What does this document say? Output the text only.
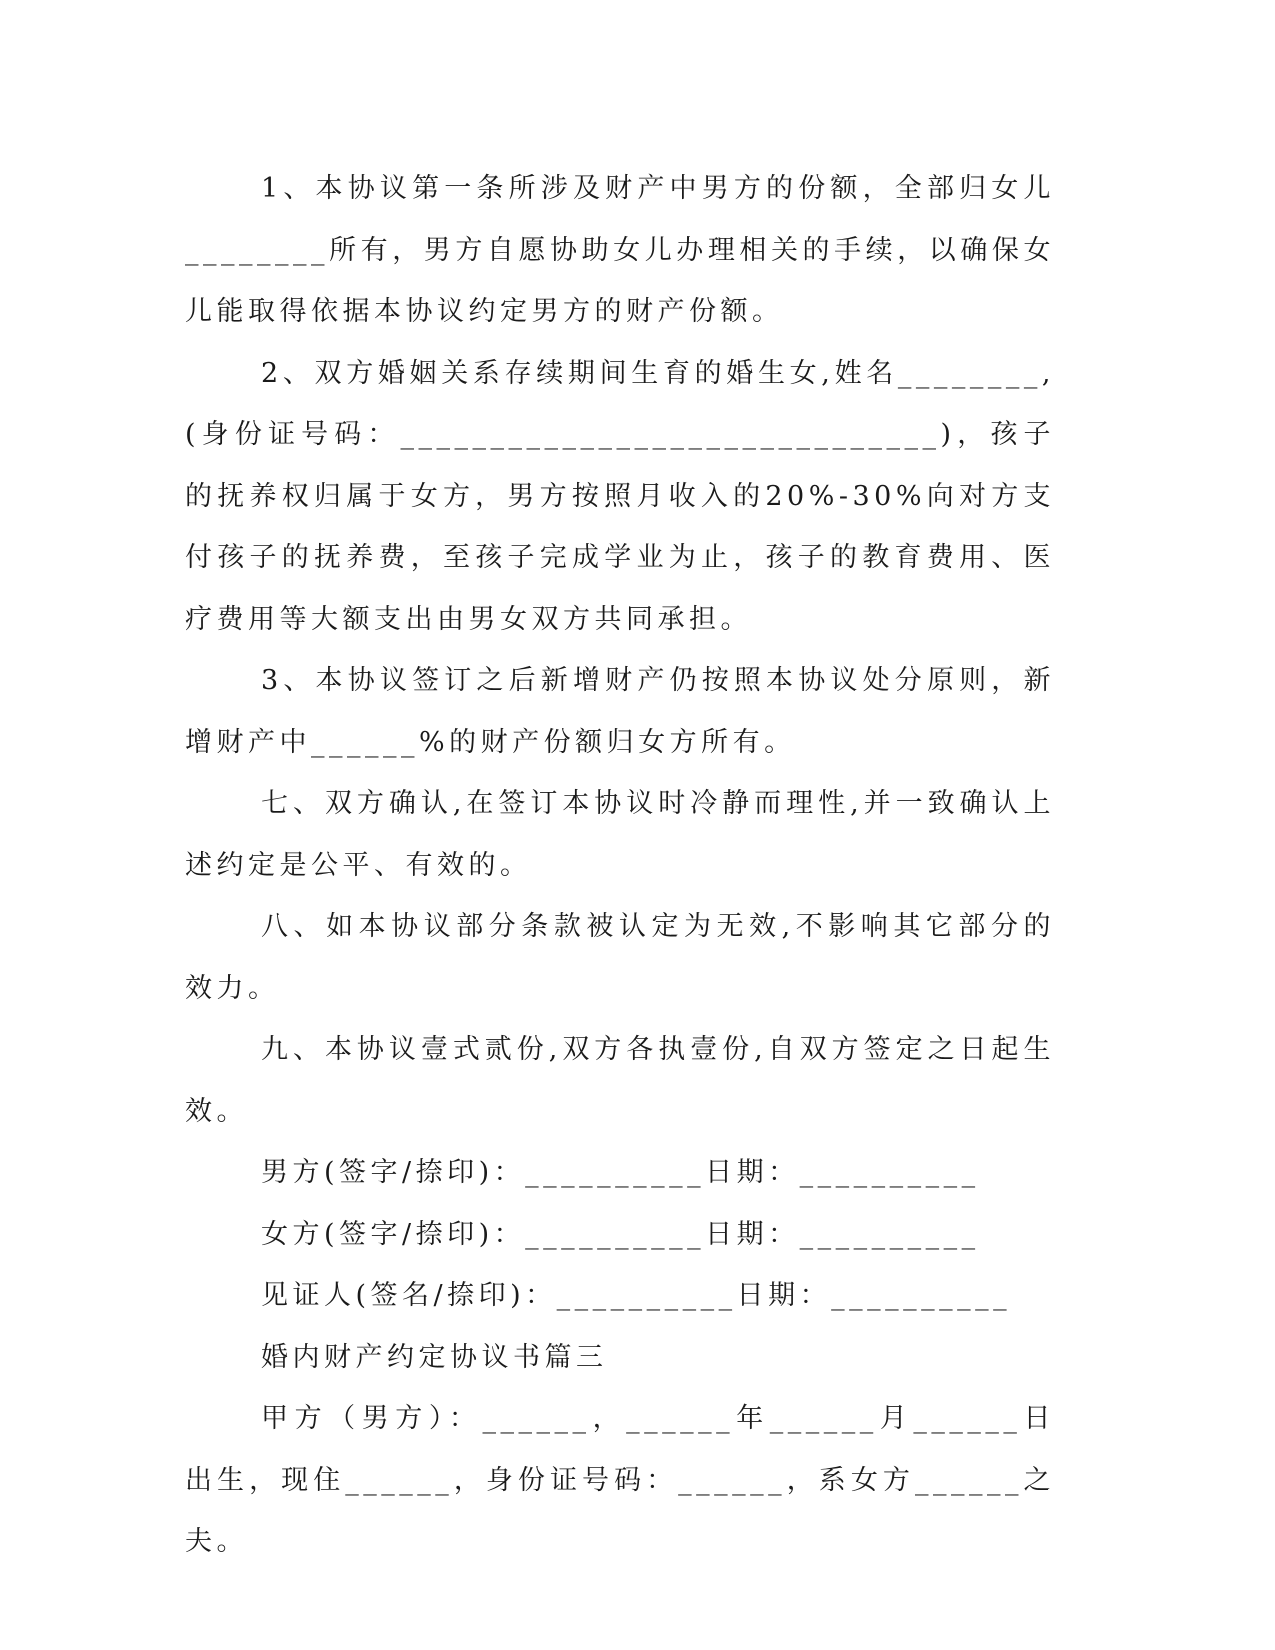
1、本协议第一条所涉及财产中男方的份额，全部归女儿________所有，男方自愿协助女儿办理相关的手续，以确保女儿能取得依据本协议约定男方的财产份额。

2、双方婚姻关系存续期间生育的婚生女,姓名________,(身份证号码：______________________________)，孩子的抚养权归属于女方，男方按照月收入的20%-30%向对方支付孩子的抚养费，至孩子完成学业为止，孩子的教育费用、医疗费用等大额支出由男女双方共同承担。

3、本协议签订之后新增财产仍按照本协议处分原则，新增财产中______%的财产份额归女方所有。

七、双方确认,在签订本协议时冷静而理性,并一致确认上述约定是公平、有效的。

八、如本协议部分条款被认定为无效,不影响其它部分的效力。

九、本协议壹式贰份,双方各执壹份,自双方签定之日起生效。

男方(签字/捺印)：__________日期：__________

女方(签字/捺印)：__________日期：__________

见证人(签名/捺印)：__________日期：__________

婚内财产约定协议书篇三

甲方（男方）：______，______年______月______日出生，现住______，身份证号码：______，系女方______之夫。
